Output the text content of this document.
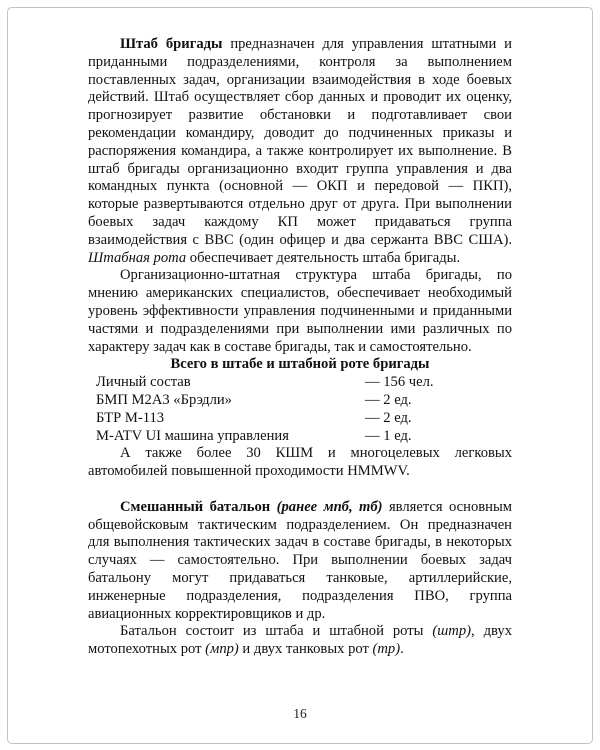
Штаб бригады предназначен для управления штатными и приданными подразделениями, контроля за выполнением поставленных задач, организации взаимодействия в ходе боевых действий. Штаб осуществляет сбор данных и проводит их оценку, прогнозирует развитие обстановки и подготавливает свои рекомендации командиру, доводит до подчиненных приказы и распоряжения командира, а также контролирует их выполнение. В штаб бригады организационно входит группа управления и два командных пункта (основной — ОКП и передовой — ПКП), которые развертываются отдельно друг от друга. При выполнении боевых задач каждому КП может придаваться группа взаимодействия с ВВС (один офицер и два сержанта ВВС США). Штабная рота обеспечивает деятельность штаба бригады.

Организационно-штатная структура штаба бригады, по мнению американских специалистов, обеспечивает необходимый уровень эффективности управления подчиненными и приданными частями и подразделениями при выполнении ими различных по характеру задач как в составе бригады, так и самостоятельно.

Всего в штабе и штабной роте бригады

Личный состав	— 156 чел.
БМП М2А3 «Брэдли»	— 2 ед.
БТР М-113	— 2 ед.
M-ATV UI машина управления	— 1 ед.

А также более 30 КШМ и многоцелевых легковых автомобилей повышенной проходимости HMMWV.

Смешанный батальон (ранее мпб, тб) является основным общевойсковым тактическим подразделением. Он предназначен для выполнения тактических задач в составе бригады, в некоторых случаях — самостоятельно. При выполнении боевых задач батальону могут придаваться танковые, артиллерийские, инженерные подразделения, подразделения ПВО, группа авиационных корректировщиков и др.

Батальон состоит из штаба и штабной роты (штр), двух мотопехотных рот (мпр) и двух танковых рот (тр).

16
